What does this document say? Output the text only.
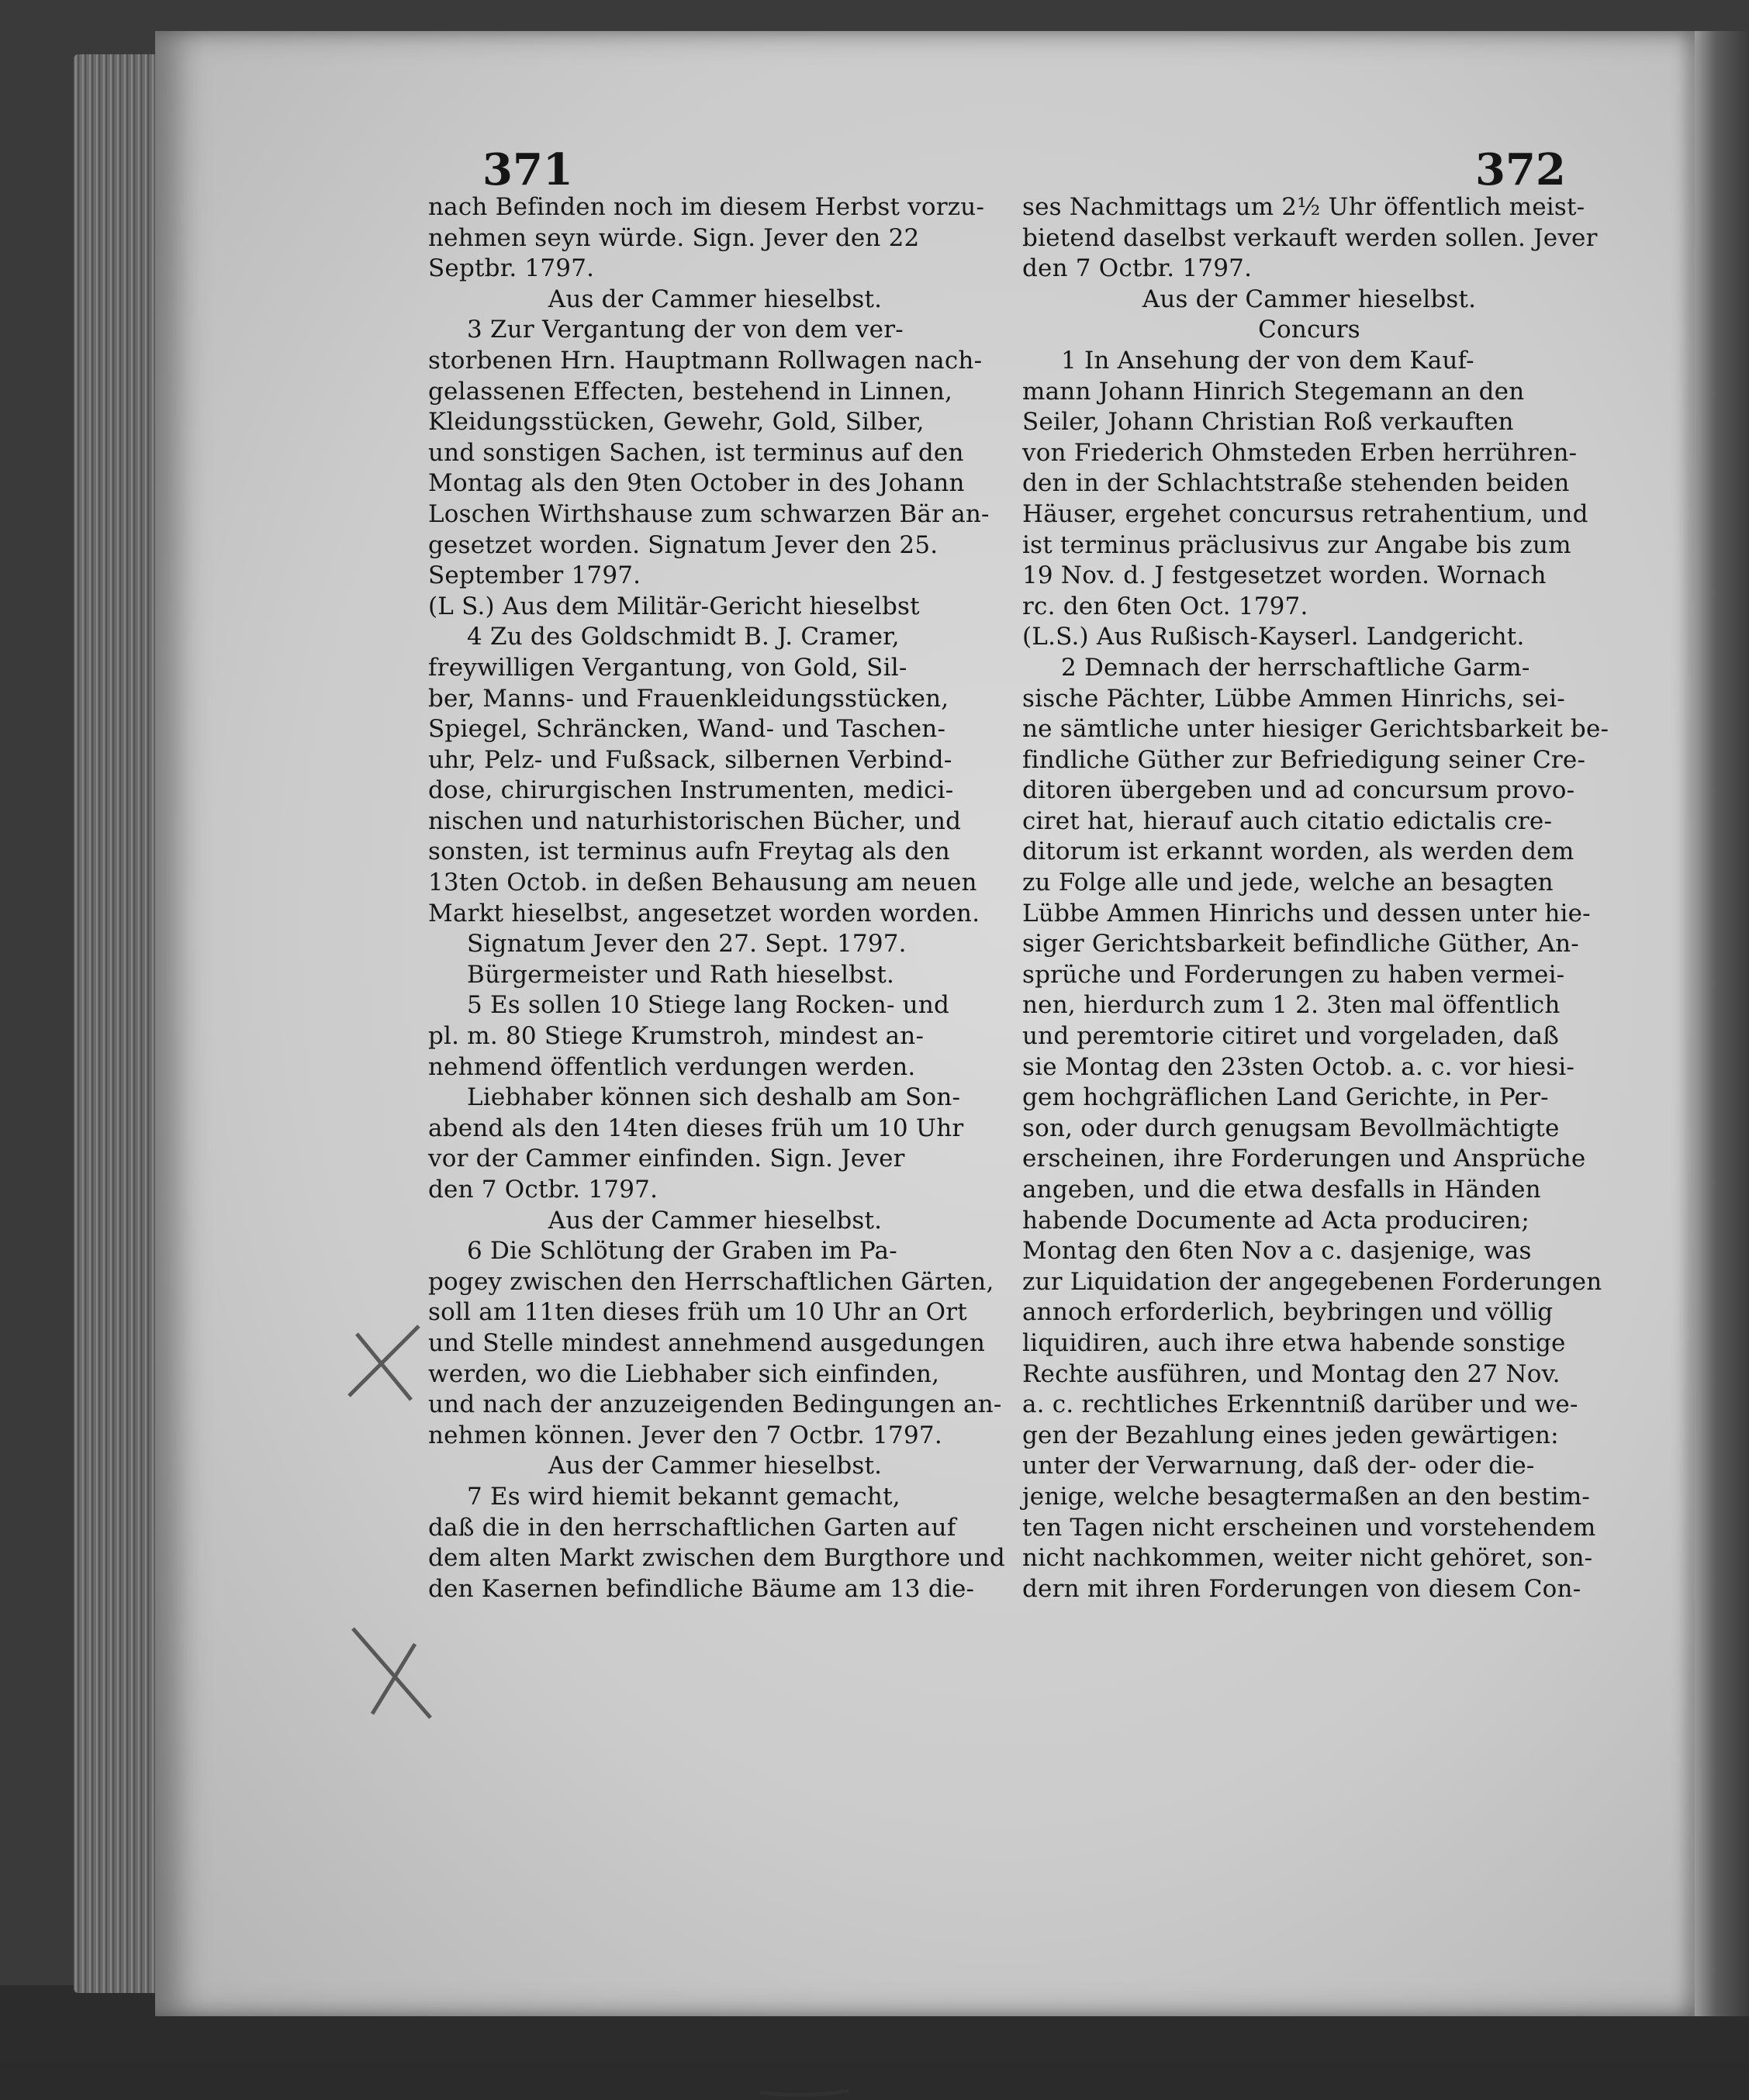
371	372
nach Befinden noch im diesem Herbst vorzu-
nehmen seyn würde. Sign. Jever den 22
Septbr. 1797.
Aus der Cammer hieselbst.
3 Zur Vergantung der von dem ver-
storbenen Hrn. Hauptmann Rollwagen nach-
gelassenen Effecten, bestehend in Linnen,
Kleidungsstücken, Gewehr, Gold, Silber,
und sonstigen Sachen, ist terminus auf den
Montag als den 9ten October in des Johann
Loschen Wirthshause zum schwarzen Bär an-
gesetzet worden. Signatum Jever den 25.
September 1797.
(L S.) Aus dem Militär-Gericht hieselbst
4 Zu des Goldschmidt B. J. Cramer,
freywilligen Vergantung, von Gold, Sil-
ber, Manns- und Frauenkleidungsstücken,
Spiegel, Schräncken, Wand- und Taschen-
uhr, Pelz- und Fußsack, silbernen Verbind-
dose, chirurgischen Instrumenten, medici-
nischen und naturhistorischen Bücher, und
sonsten, ist terminus aufn Freytag als den
13ten Octob. in deßen Behausung am neuen
Markt hieselbst, angesetzet worden worden.
Signatum Jever den 27. Sept. 1797.
Bürgermeister und Rath hieselbst.
5 Es sollen 10 Stiege lang Rocken- und
pl. m. 80 Stiege Krumstroh, mindest an-
nehmend öffentlich verdungen werden.
Liebhaber können sich deshalb am Son-
abend als den 14ten dieses früh um 10 Uhr
vor der Cammer einfinden. Sign. Jever
den 7 Octbr. 1797.
Aus der Cammer hieselbst.
6 Die Schlötung der Graben im Pa-
pogey zwischen den Herrschaftlichen Gärten,
soll am 11ten dieses früh um 10 Uhr an Ort
und Stelle mindest annehmend ausgedungen
werden, wo die Liebhaber sich einfinden,
und nach der anzuzeigenden Bedingungen an-
nehmen können. Jever den 7 Octbr. 1797.
Aus der Cammer hieselbst.
7 Es wird hiemit bekannt gemacht,
daß die in den herrschaftlichen Garten auf
dem alten Markt zwischen dem Burgthore und
den Kasernen befindliche Bäume am 13 die-
ses Nachmittags um 2½ Uhr öffentlich meist-
bietend daselbst verkauft werden sollen. Jever
den 7 Octbr. 1797.
Aus der Cammer hieselbst.
Concurs
1 In Ansehung der von dem Kauf-
mann Johann Hinrich Stegemann an den
Seiler, Johann Christian Roß verkauften
von Friederich Ohmsteden Erben herrühren-
den in der Schlachtstraße stehenden beiden
Häuser, ergehet concursus retrahentium, und
ist terminus präclusivus zur Angabe bis zum
19 Nov. d. J festgesetzet worden. Wornach
rc. den 6ten Oct. 1797.
(L.S.) Aus Rußisch-Kayserl. Landgericht.
2 Demnach der herrschaftliche Garm-
sische Pächter, Lübbe Ammen Hinrichs, sei-
ne sämtliche unter hiesiger Gerichtsbarkeit be-
findliche Güther zur Befriedigung seiner Cre-
ditoren übergeben und ad concursum provo-
ciret hat, hierauf auch citatio edictalis cre-
ditorum ist erkannt worden, als werden dem
zu Folge alle und jede, welche an besagten
Lübbe Ammen Hinrichs und dessen unter hie-
siger Gerichtsbarkeit befindliche Güther, An-
sprüche und Forderungen zu haben vermei-
nen, hierdurch zum 1 2. 3ten mal öffentlich
und peremtorie citiret und vorgeladen, daß
sie Montag den 23sten Octob. a. c. vor hiesi-
gem hochgräflichen Land Gerichte, in Per-
son, oder durch genugsam Bevollmächtigte
erscheinen, ihre Forderungen und Ansprüche
angeben, und die etwa desfalls in Händen
habende Documente ad Acta produciren;
Montag den 6ten Nov a c. dasjenige, was
zur Liquidation der angegebenen Forderungen
annoch erforderlich, beybringen und völlig
liquidiren, auch ihre etwa habende sonstige
Rechte ausführen, und Montag den 27 Nov.
a. c. rechtliches Erkenntniß darüber und we-
gen der Bezahlung eines jeden gewärtigen:
unter der Verwarnung, daß der- oder die-
jenige, welche besagtermaßen an den bestim-
ten Tagen nicht erscheinen und vorstehendem
nicht nachkommen, weiter nicht gehöret, son-
dern mit ihren Forderungen von diesem Con-
